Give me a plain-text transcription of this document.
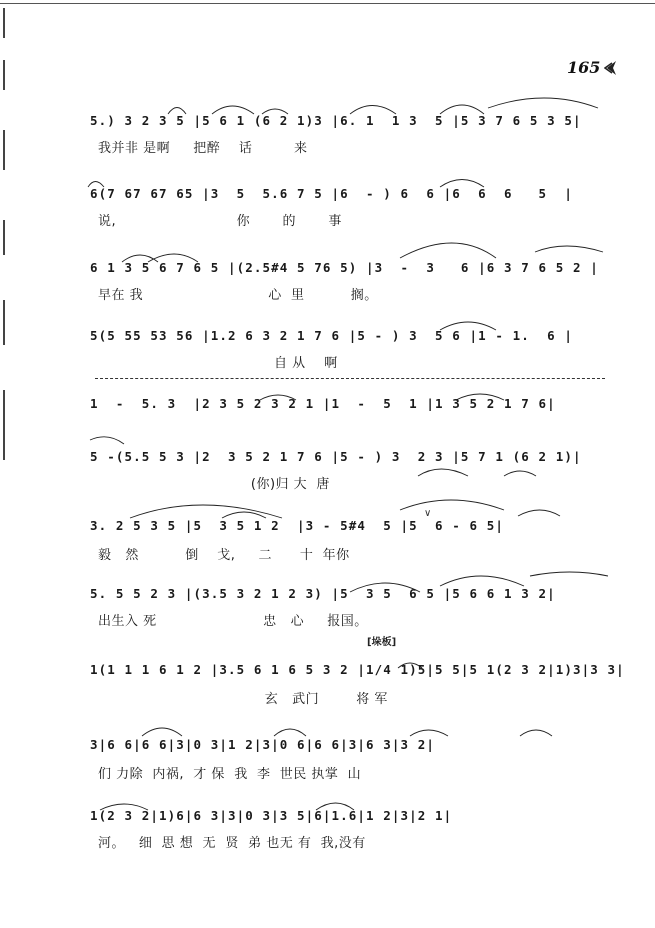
165
5.) 3 2 3 5 |5 6 1 (6 2 1)3 |6. 1  1 3  5 |5 3 7 6 5 3 5|
我并非 是啊     把醉    话         来
6(7 67 67 65 |3  5  5.6 7 5 |6  - ) 6  6 |6  6  6   5  |
说,                          你       的       事
6 1 3 5 6 7 6 5 |(2.5#4 5 76 5) |3  -  3   6 |6 3 7 6 5 2 |
早在 我                           心  里          搁。
5(5 55 53 56 |1.2 6 3 2 1 7 6 |5 - ) 3  5 6 |1 - 1.  6 |
自 从    啊
1  -  5. 3  |2 3 5 2 3 2 1 |1  -  5  1 |1 3 5 2 1 7 6|
5 -(5.5 5 3 |2  3 5 2 1 7 6 |5 - ) 3  2 3 |5 7 1 (6 2 1)|
(你)归 大  唐
3. 2 5 3 5 |5  3 5 1 2  |3 - 5#4  5 |5  6 - 6 5|
毅   然          倒    戈,     二      十  年你
∨
5. 5 5 2 3 |(3.5 3 2 1 2 3) |5  3 5  6 5 |5 6 6 1 3 2|
出生入 死                       忠   心     报国。
[垛板]
1(1 1 1 6 1 2 |3.5 6 1 6 5 3 2 |1/4 1)5|5 5|5 1(2 3 2|1)3|3 3|
玄   武门        将 军
3|6 6|6 6|3|0 3|1 2|3|0 6|6 6|3|6 3|3 2|
们 力除  内祸,  才 保  我  李  世民 执掌  山
1(2 3 2|1)6|6 3|3|0 3|3 5|6|1.6|1 2|3|2 1|
河。   细  思 想  无  贤  弟 也无 有  我,没有
